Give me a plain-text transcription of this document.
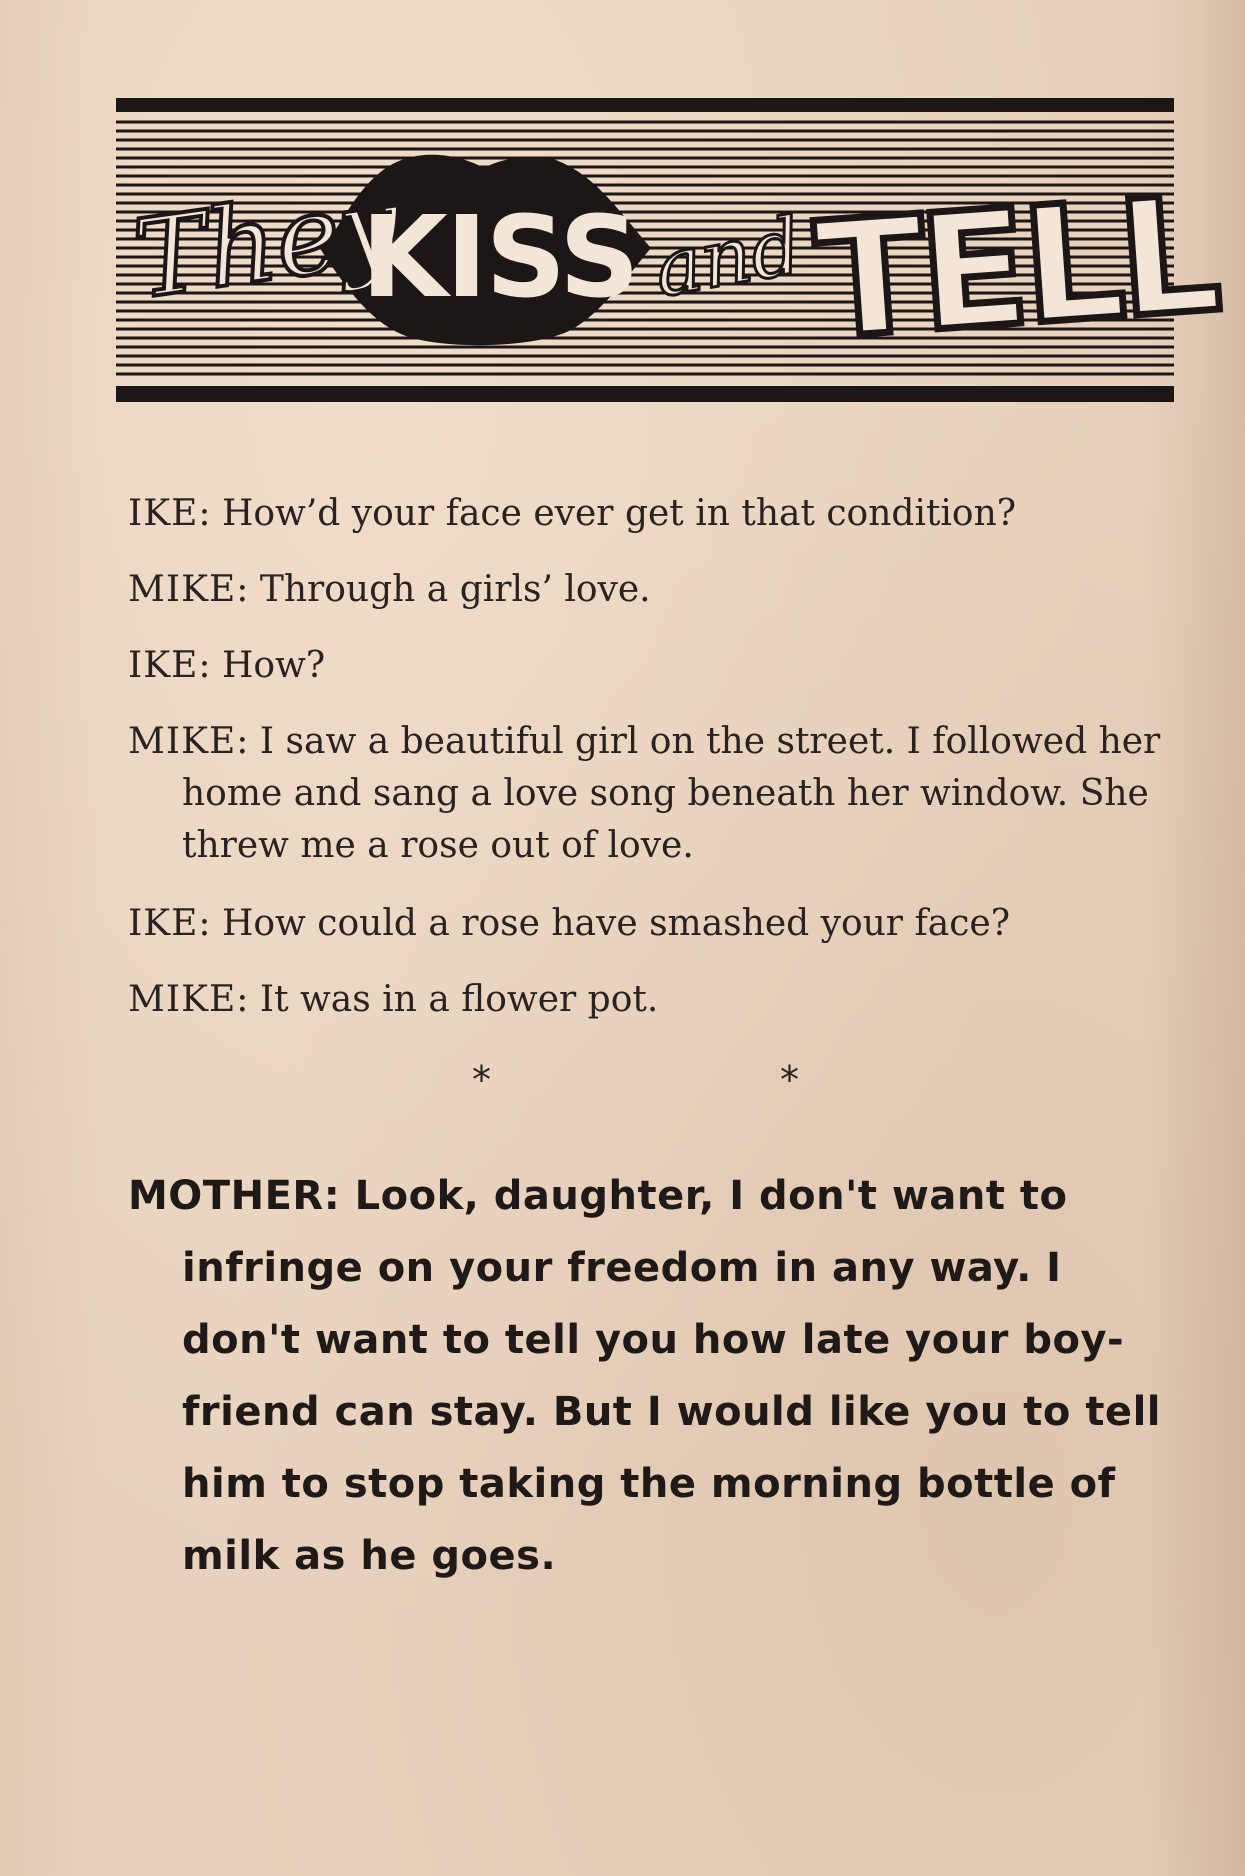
They
KISS and TELL

IKE: How’d your face ever get in that condition?

MIKE: Through a girls’ love.

IKE: How?

MIKE: I saw a beautiful girl on the street. I followed her home and sang a love song beneath her window. She threw me a rose out of love.

IKE: How could a rose have smashed your face?

MIKE: It was in a flower pot.

*	*
MOTHER: Look, daughter, I don't want to infringe on your freedom in any way. I don't want to tell you how late your boy-friend can stay. But I would like you to tell him to stop taking the morning bottle of milk as he goes.
